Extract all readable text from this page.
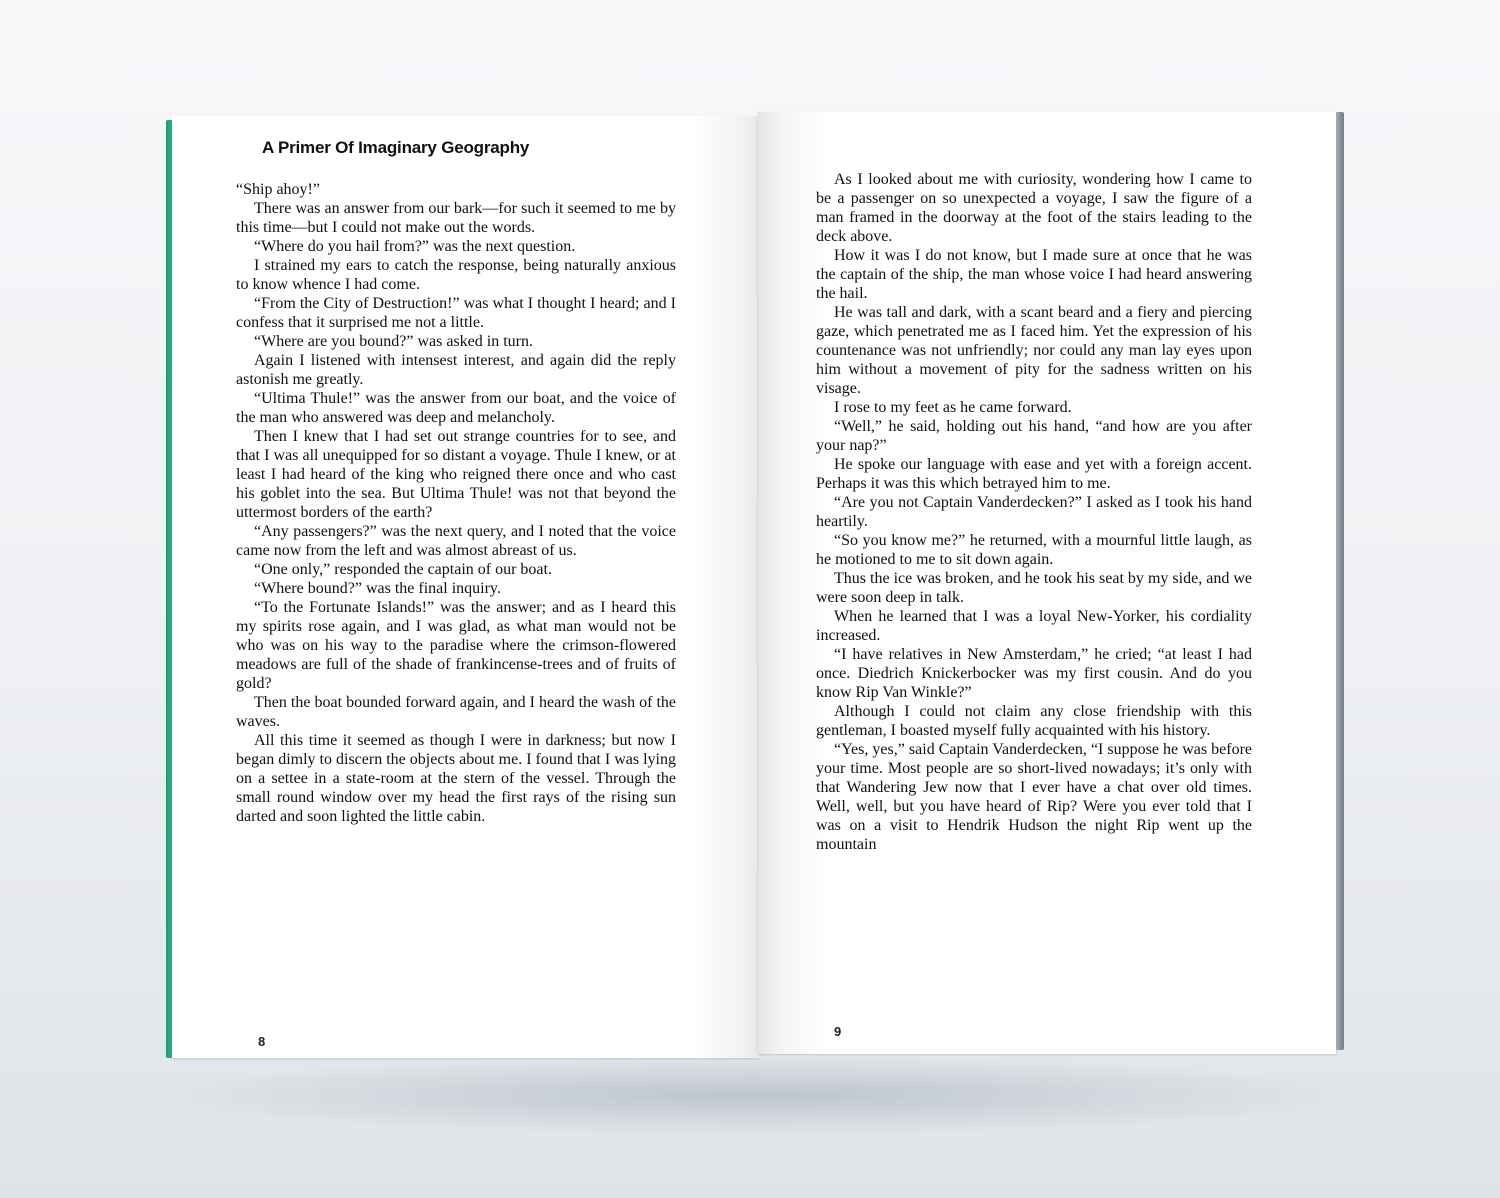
A Primer Of Imaginary Geography

“Ship ahoy!”

There was an answer from our bark—for such it seemed to me by this time—but I could not make out the words.

“Where do you hail from?” was the next question.

I strained my ears to catch the response, being naturally anxious to know whence I had come.

“From the City of Destruction!” was what I thought I heard; and I confess that it surprised me not a little.

“Where are you bound?” was asked in turn.

Again I listened with intensest interest, and again did the reply astonish me greatly.

“Ultima Thule!” was the answer from our boat, and the voice of the man who answered was deep and melancholy.

Then I knew that I had set out strange countries for to see, and that I was all unequipped for so distant a voyage. Thule I knew, or at least I had heard of the king who reigned there once and who cast his goblet into the sea. But Ultima Thule! was not that beyond the uttermost borders of the earth?

“Any passengers?” was the next query, and I noted that the voice came now from the left and was almost abreast of us.

“One only,” responded the captain of our boat.

“Where bound?” was the final inquiry.

“To the Fortunate Islands!” was the answer; and as I heard this my spirits rose again, and I was glad, as what man would not be who was on his way to the paradise where the crimson-flowered meadows are full of the shade of frankincense-trees and of fruits of gold?

Then the boat bounded forward again, and I heard the wash of the waves.

All this time it seemed as though I were in darkness; but now I began dimly to discern the objects about me. I found that I was lying on a settee in a state-room at the stern of the vessel. Through the small round window over my head the first rays of the rising sun darted and soon lighted the little cabin.

8

As I looked about me with curiosity, wondering how I came to be a passenger on so unexpected a voyage, I saw the figure of a man framed in the doorway at the foot of the stairs leading to the deck above.

How it was I do not know, but I made sure at once that he was the captain of the ship, the man whose voice I had heard answering the hail.

He was tall and dark, with a scant beard and a fiery and piercing gaze, which penetrated me as I faced him. Yet the expression of his countenance was not unfriendly; nor could any man lay eyes upon him without a movement of pity for the sadness written on his visage.

I rose to my feet as he came forward.

“Well,” he said, holding out his hand, “and how are you after your nap?”

He spoke our language with ease and yet with a foreign accent. Perhaps it was this which betrayed him to me.

“Are you not Captain Vanderdecken?” I asked as I took his hand heartily.

“So you know me?” he returned, with a mournful little laugh, as he motioned to me to sit down again.

Thus the ice was broken, and he took his seat by my side, and we were soon deep in talk.

When he learned that I was a loyal New-Yorker, his cordiality increased.

“I have relatives in New Amsterdam,” he cried; “at least I had once. Diedrich Knickerbocker was my first cousin. And do you know Rip Van Winkle?”

Although I could not claim any close friendship with this gentleman, I boasted myself fully acquainted with his history.

“Yes, yes,” said Captain Vanderdecken, “I suppose he was before your time. Most people are so short-lived nowadays; it’s only with that Wandering Jew now that I ever have a chat over old times. Well, well, but you have heard of Rip? Were you ever told that I was on a visit to Hendrik Hudson the night Rip went up the mountain

9
